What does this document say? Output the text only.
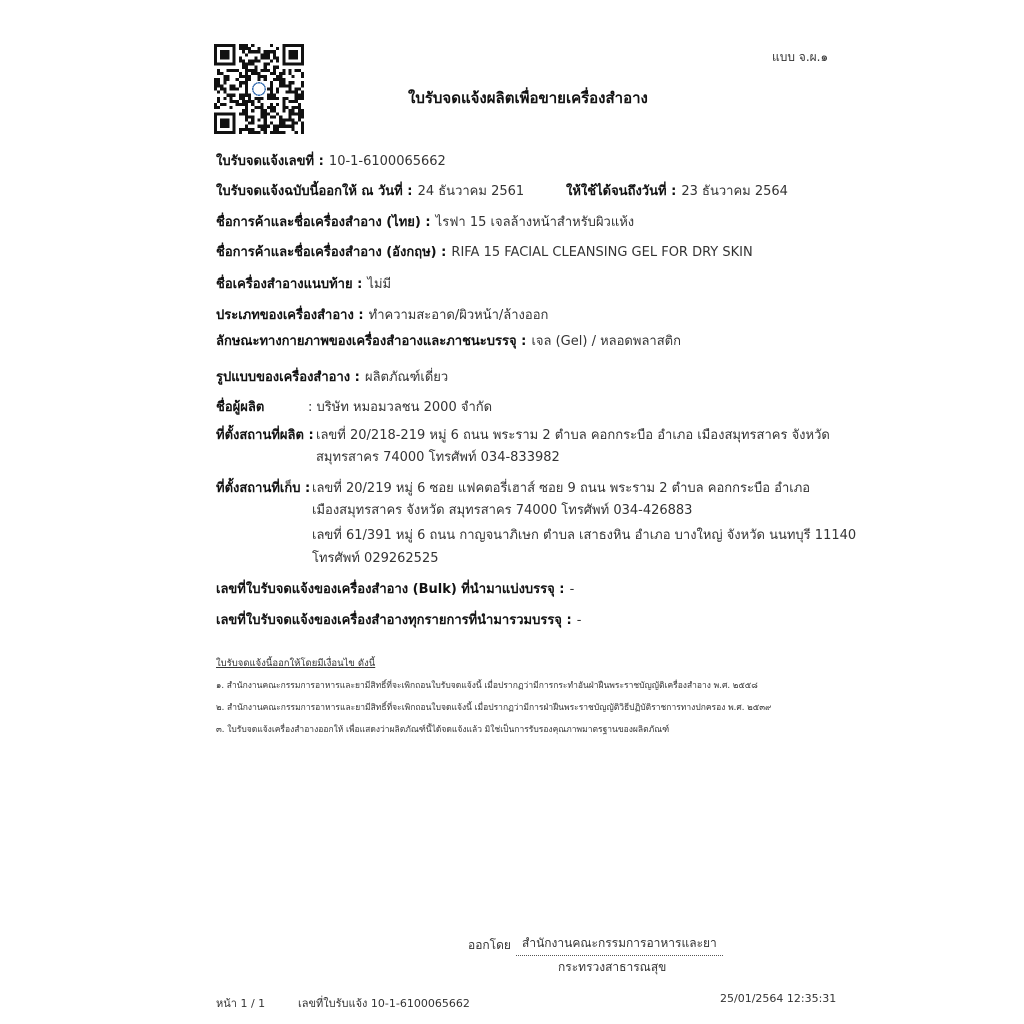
แบบ จ.ผ.๑
ใบรับจดแจ้งผลิตเพื่อขายเครื่องสำอาง
ใบรับจดแจ้งเลขที่ : 10-1-6100065662
ใบรับจดแจ้งฉบับนี้ออกให้ ณ วันที่ : 24 ธันวาคม 2561	ให้ใช้ได้จนถึงวันที่ : 23 ธันวาคม 2564
ชื่อการค้าและชื่อเครื่องสำอาง (ไทย) : ไรฟา 15 เจลล้างหน้าสำหรับผิวแห้ง
ชื่อการค้าและชื่อเครื่องสำอาง (อังกฤษ) : RIFA 15 FACIAL CLEANSING GEL FOR DRY SKIN
ชื่อเครื่องสำอางแนบท้าย : ไม่มี
ประเภทของเครื่องสำอาง : ทำความสะอาด/ผิวหน้า/ล้างออก
ลักษณะทางกายภาพของเครื่องสำอางและภาชนะบรรจุ : เจล (Gel) / หลอดพลาสติก
รูปแบบของเครื่องสำอาง : ผลิตภัณฑ์เดี่ยว
ชื่อผู้ผลิต	: บริษัท หมอมวลชน 2000 จำกัด
ที่ตั้งสถานที่ผลิต : เลขที่ 20/218-219 หมู่ 6 ถนน พระราม 2 ตำบล คอกกระบือ อำเภอ เมืองสมุทรสาคร จังหวัด
สมุทรสาคร 74000 โทรศัพท์ 034-833982
ที่ตั้งสถานที่เก็บ : เลขที่ 20/219 หมู่ 6 ซอย แฟคตอรี่เฮาส์ ซอย 9 ถนน พระราม 2 ตำบล คอกกระบือ อำเภอ
เมืองสมุทรสาคร จังหวัด สมุทรสาคร 74000 โทรศัพท์ 034-426883
เลขที่ 61/391 หมู่ 6 ถนน กาญจนาภิเษก ตำบล เสาธงหิน อำเภอ บางใหญ่ จังหวัด นนทบุรี 11140
โทรศัพท์ 029262525
เลขที่ใบรับจดแจ้งของเครื่องสำอาง (Bulk) ที่นำมาแบ่งบรรจุ : -
เลขที่ใบรับจดแจ้งของเครื่องสำอางทุกรายการที่นำมารวมบรรจุ : -
ใบรับจดแจ้งนี้ออกให้โดยมีเงื่อนไข ดังนี้
๑. สำนักงานคณะกรรมการอาหารและยามีสิทธิ์ที่จะเพิกถอนใบรับจดแจ้งนี้ เมื่อปรากฏว่ามีการกระทำอันฝ่าฝืนพระราชบัญญัติเครื่องสำอาง พ.ศ. ๒๕๕๘
๒. สำนักงานคณะกรรมการอาหารและยามีสิทธิ์ที่จะเพิกถอนใบจดแจ้งนี้ เมื่อปรากฏว่ามีการฝ่าฝืนพระราชบัญญัติวิธีปฏิบัติราชการทางปกครอง พ.ศ. ๒๕๓๙
๓. ใบรับจดแจ้งเครื่องสำอางออกให้ เพื่อแสดงว่าผลิตภัณฑ์นี้ได้จดแจ้งแล้ว มิใช่เป็นการรับรองคุณภาพมาตรฐานของผลิตภัณฑ์
ออกโดย สำนักงานคณะกรรมการอาหารและยา
กระทรวงสาธารณสุข
หน้า 1 / 1	เลขที่ใบรับแจ้ง 10-1-6100065662	25/01/2564 12:35:31
